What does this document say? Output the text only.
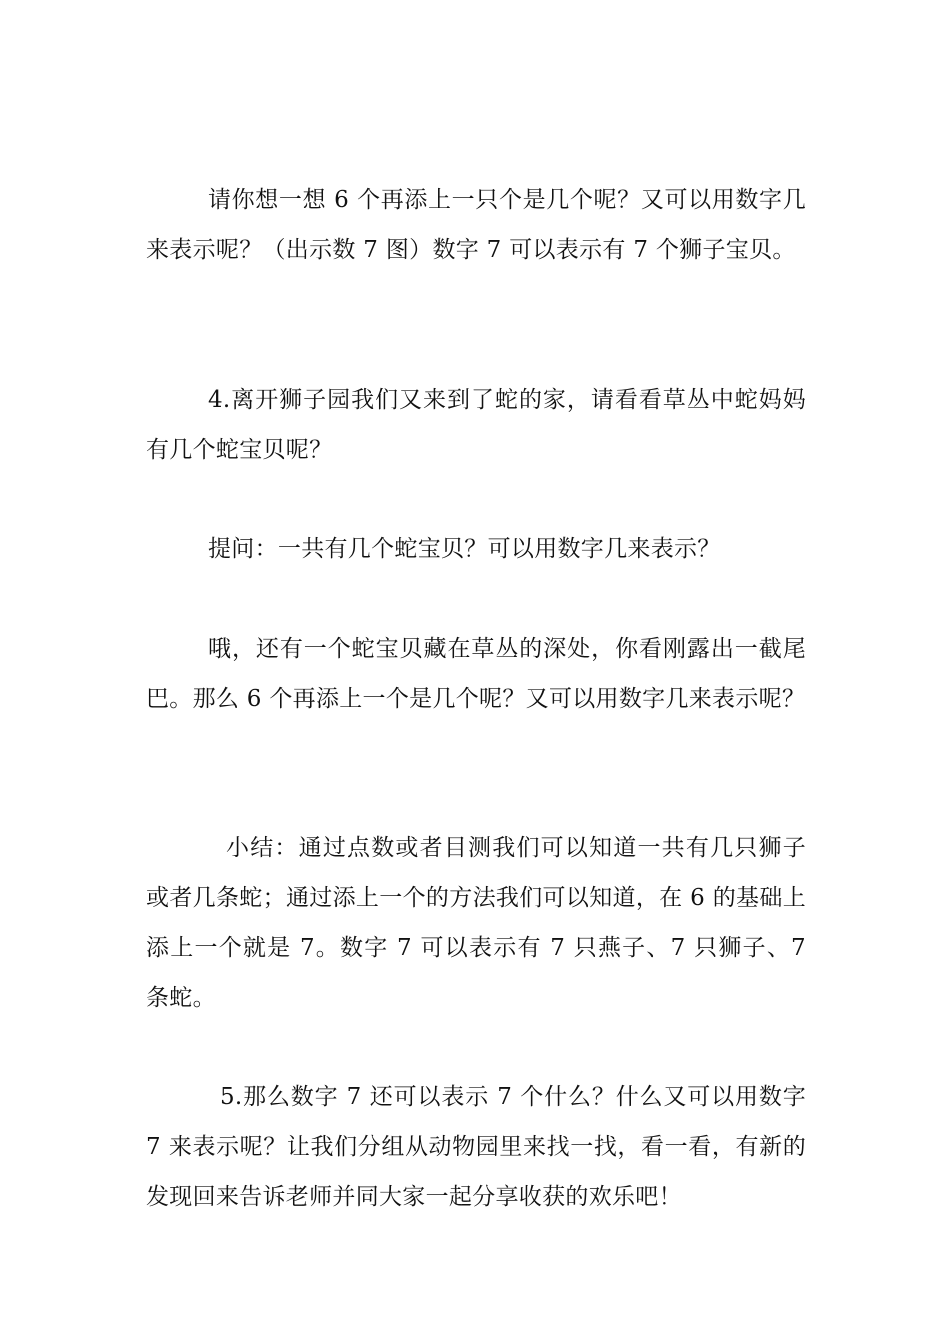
请你想一想 6 个再添上一只个是几个呢？又可以用数字几来表示呢？（出示数 7 图）数字 7 可以表示有 7 个狮子宝贝。

4.离开狮子园我们又来到了蛇的家，请看看草丛中蛇妈妈有几个蛇宝贝呢？

提问：一共有几个蛇宝贝？可以用数字几来表示？

哦，还有一个蛇宝贝藏在草丛的深处，你看刚露出一截尾巴。那么 6 个再添上一个是几个呢？又可以用数字几来表示呢？

小结：通过点数或者目测我们可以知道一共有几只狮子或者几条蛇；通过添上一个的方法我们可以知道，在 6 的基础上添上一个就是 7。数字 7 可以表示有 7 只燕子、7 只狮子、7 条蛇。

5.那么数字 7 还可以表示 7 个什么？什么又可以用数字 7 来表示呢？让我们分组从动物园里来找一找，看一看，有新的发现回来告诉老师并同大家一起分享收获的欢乐吧！
